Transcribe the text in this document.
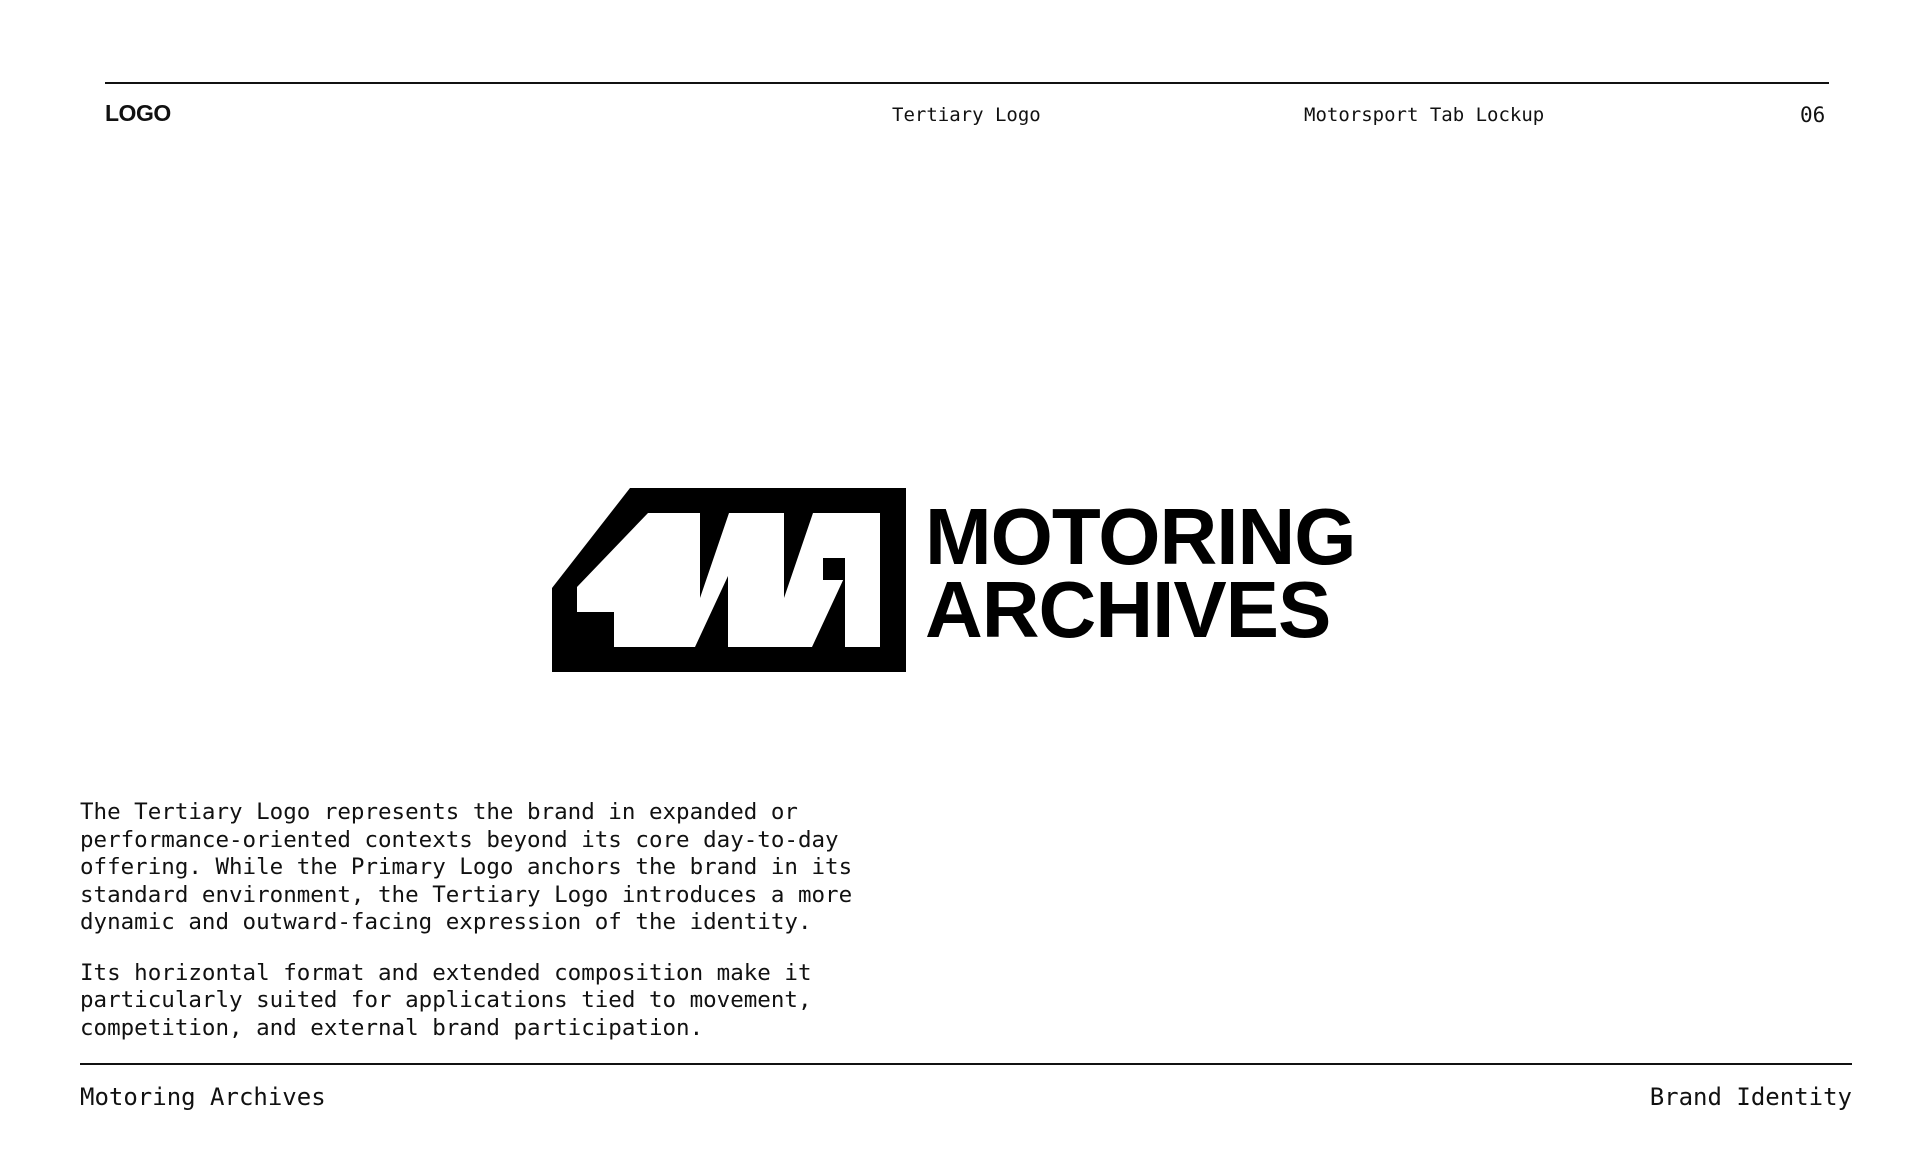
LOGO	Tertiary Logo	Motorsport Tab Lockup	06
MOTORING
ARCHIVES

The Tertiary Logo represents the brand in expanded or
performance-oriented contexts beyond its core day-to-day
offering. While the Primary Logo anchors the brand in its
standard environment, the Tertiary Logo introduces a more
dynamic and outward-facing expression of the identity.

Its horizontal format and extended composition make it
particularly suited for applications tied to movement,
competition, and external brand participation.

Motoring Archives	Brand Identity
